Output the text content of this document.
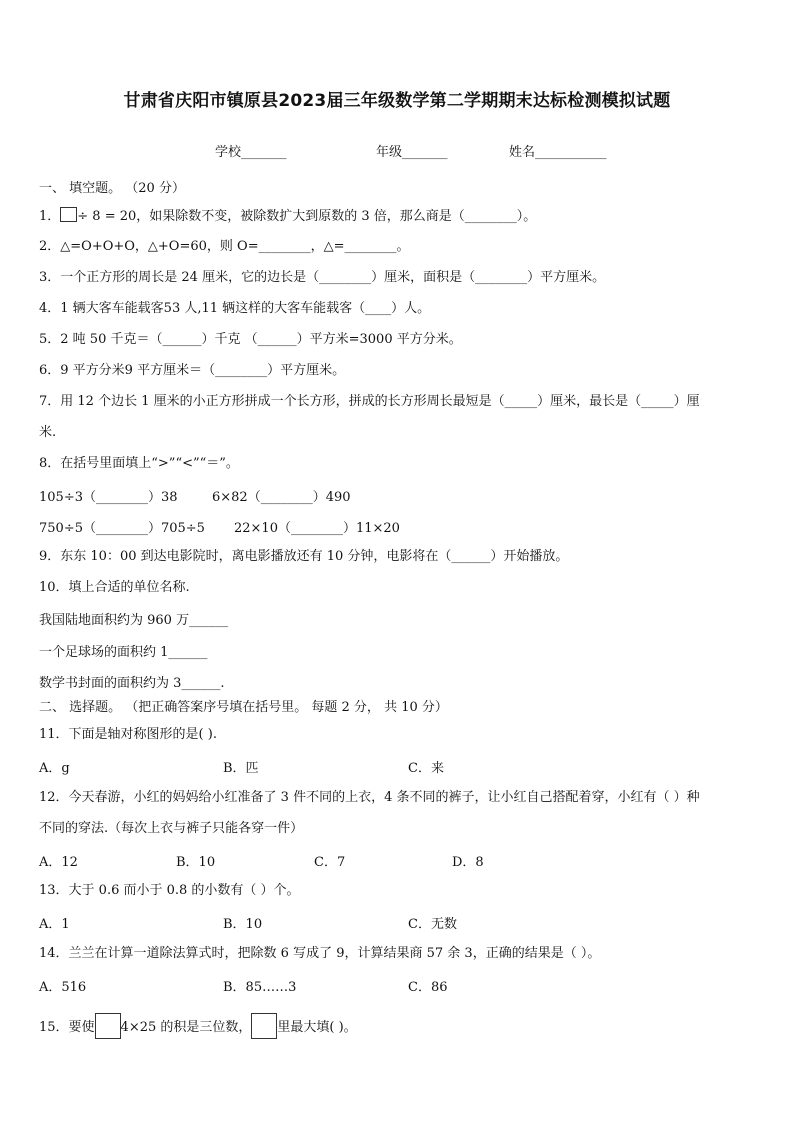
甘肃省庆阳市镇原县2023届三年级数学第二学期期末达标检测模拟试题
学校_______	年级_______	姓名___________
一、 填空题。 （20 分）
1． ÷ 8 = 20，如果除数不变，被除数扩大到原数的 3 倍，那么商是（________）。
2．△=O+O+O，△+O=60，则 O=________，△=________。
3．一个正方形的周长是 24 厘米，它的边长是（________）厘米，面积是（________）平方厘米。
4．1 辆大客车能载客53 人,11 辆这样的大客车能载客（____）人。
5．2 吨 50 千克＝（______）千克 （______）平方米=3000 平方分米。
6．9 平方分米9 平方厘米＝（________）平方厘米。
7．用 12 个边长 1 厘米的小正方形拼成一个长方形，拼成的长方形周长最短是（_____）厘米，最长是（_____）厘
米.
8．在括号里面填上“>”“<”“＝”。
105÷3（________）38	6×82（________）490
750÷5（________）705÷5 22×10（________）11×20
9．东东 10：00 到达电影院时，离电影播放还有 10 分钟，电影将在（______）开始播放。
10．填上合适的单位名称.
我国陆地面积约为 960 万______
一个足球场的面积约 1______
数学书封面的面积约为 3______.
二、 选择题。 （把正确答案序号填在括号里。 每题 2 分， 共 10 分）
11．下面是轴对称图形的是( ).
A．g	B．匹	C．来
12．今天春游，小红的妈妈给小红准备了 3 件不同的上衣，4 条不同的裤子，让小红自己搭配着穿，小红有（ ）种
不同的穿法.（每次上衣与裤子只能各穿一件）
A．12	B．10	C．7	D．8
13．大于 0.6 而小于 0.8 的小数有（ ）个。
A．1	B．10	C．无数
14．兰兰在计算一道除法算式时，把除数 6 写成了 9，计算结果商 57 余 3，正确的结果是（ ）。
A．516	B．85……3	C．86
15．要使 4×25 的积是三位数， 里最大填( )。
